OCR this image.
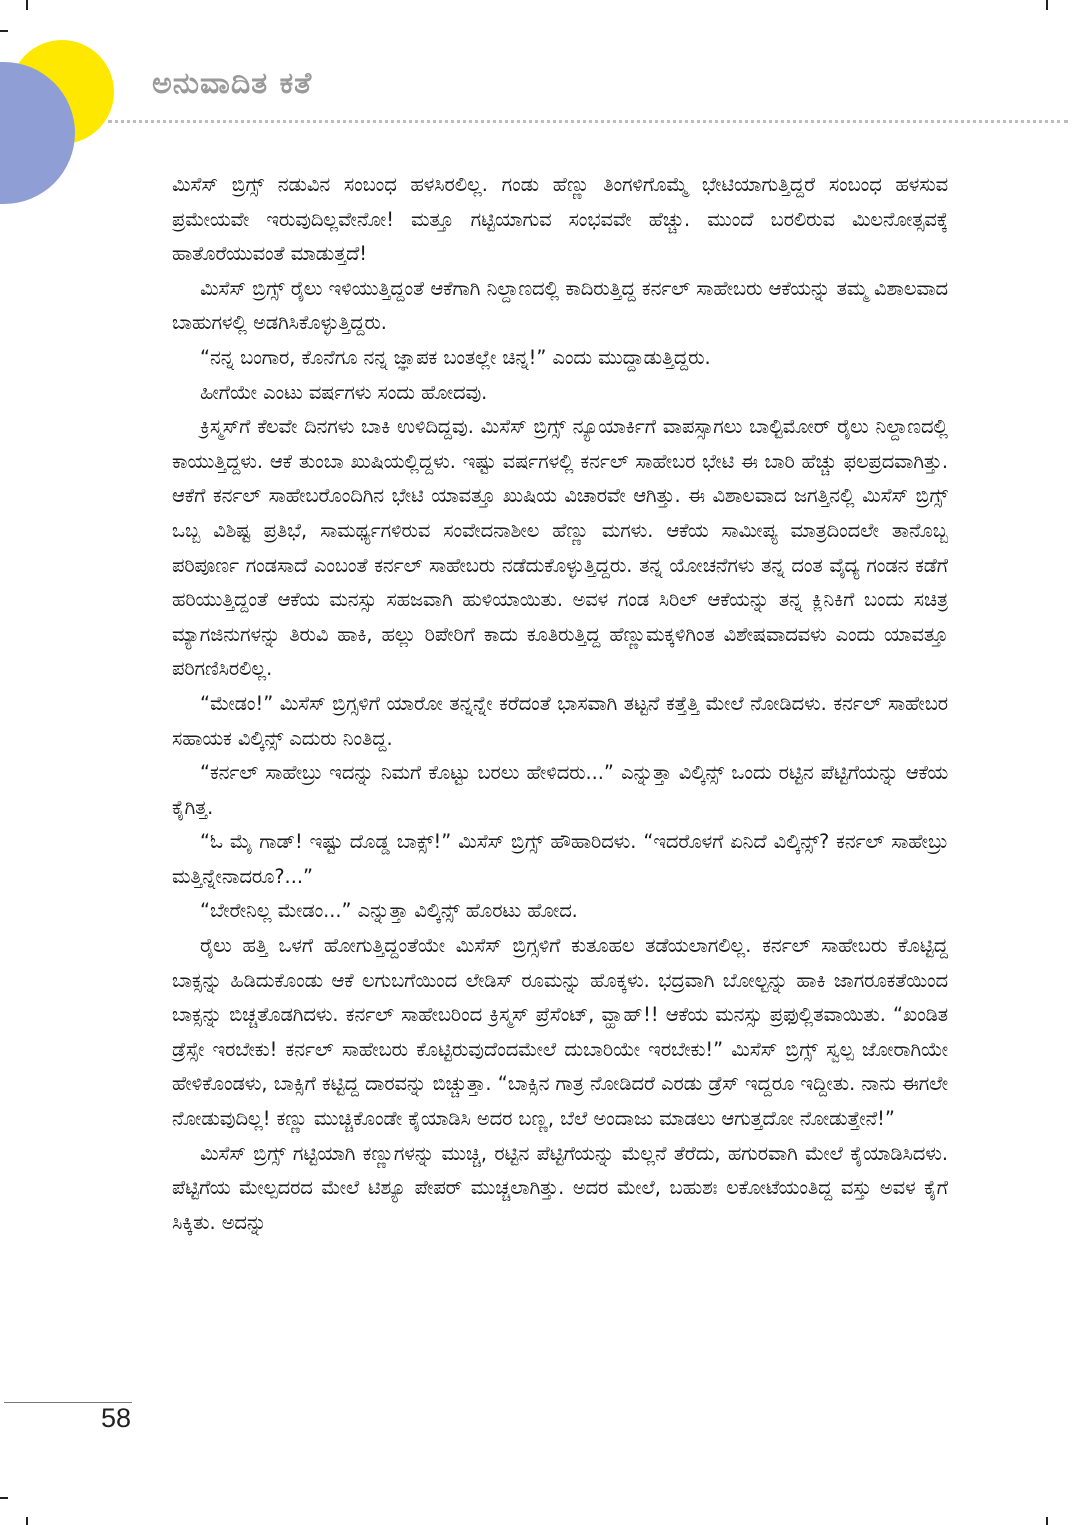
ಅನುವಾದಿತ ಕತೆ

ಮಿಸೆಸ್ ಬ್ರಿಗ್ಸ್ ನಡುವಿನ ಸಂಬಂಧ ಹಳಸಿರಲಿಲ್ಲ. ಗಂಡು ಹೆಣ್ಣು ತಿಂಗಳಿಗೊಮ್ಮೆ ಭೇಟಿಯಾಗುತ್ತಿದ್ದರೆ ಸಂಬಂಧ ಹಳಸುವ ಪ್ರಮೇಯವೇ ಇರುವುದಿಲ್ಲವೇನೋ! ಮತ್ತೂ ಗಟ್ಟಿಯಾಗುವ ಸಂಭವವೇ ಹೆಚ್ಚು. ಮುಂದೆ ಬರಲಿರುವ ಮಿಲನೋತ್ಸವಕ್ಕೆ ಹಾತೊರೆಯುವಂತೆ ಮಾಡುತ್ತದೆ!

ಮಿಸೆಸ್ ಬ್ರಿಗ್ಸ್ ರೈಲು ಇಳಿಯುತ್ತಿದ್ದಂತೆ ಆಕೆಗಾಗಿ ನಿಲ್ದಾಣದಲ್ಲಿ ಕಾದಿರುತ್ತಿದ್ದ ಕರ್ನಲ್ ಸಾಹೇಬರು ಆಕೆಯನ್ನು ತಮ್ಮ ವಿಶಾಲವಾದ ಬಾಹುಗಳಲ್ಲಿ ಅಡಗಿಸಿಕೊಳ್ಳುತ್ತಿದ್ದರು.

“ನನ್ನ ಬಂಗಾರ, ಕೊನೆಗೂ ನನ್ನ ಜ್ಞಾಪಕ ಬಂತಲ್ಲೇ ಚಿನ್ನ!” ಎಂದು ಮುದ್ದಾಡುತ್ತಿದ್ದರು.

ಹೀಗೆಯೇ ಎಂಟು ವರ್ಷಗಳು ಸಂದು ಹೋದವು.

ಕ್ರಿಸ್ಮಸ್‌ಗೆ ಕೆಲವೇ ದಿನಗಳು ಬಾಕಿ ಉಳಿದಿದ್ದವು. ಮಿಸೆಸ್ ಬ್ರಿಗ್ಸ್ ನ್ಯೂಯಾರ್ಕಿಗೆ ವಾಪಸ್ಸಾಗಲು ಬಾಲ್ಟಿಮೋರ್ ರೈಲು ನಿಲ್ದಾಣದಲ್ಲಿ ಕಾಯುತ್ತಿದ್ದಳು. ಆಕೆ ತುಂಬಾ ಖುಷಿಯಲ್ಲಿದ್ದಳು. ಇಷ್ಟು ವರ್ಷಗಳಲ್ಲಿ ಕರ್ನಲ್ ಸಾಹೇಬರ ಭೇಟಿ ಈ ಬಾರಿ ಹೆಚ್ಚು ಫಲಪ್ರದವಾಗಿತ್ತು. ಆಕೆಗೆ ಕರ್ನಲ್ ಸಾಹೇಬರೊಂದಿಗಿನ ಭೇಟಿ ಯಾವತ್ತೂ ಖುಷಿಯ ವಿಚಾರವೇ ಆಗಿತ್ತು. ಈ ವಿಶಾಲವಾದ ಜಗತ್ತಿನಲ್ಲಿ ಮಿಸೆಸ್ ಬ್ರಿಗ್ಸ್ ಒಬ್ಬ ವಿಶಿಷ್ಟ ಪ್ರತಿಭೆ, ಸಾಮರ್ಥ್ಯಗಳಿರುವ ಸಂವೇದನಾಶೀಲ ಹೆಣ್ಣು ಮಗಳು. ಆಕೆಯ ಸಾಮೀಪ್ಯ ಮಾತ್ರದಿಂದಲೇ ತಾನೊಬ್ಬ ಪರಿಪೂರ್ಣ ಗಂಡಸಾದೆ ಎಂಬಂತೆ ಕರ್ನಲ್ ಸಾಹೇಬರು ನಡೆದುಕೊಳ್ಳುತ್ತಿದ್ದರು. ತನ್ನ ಯೋಚನೆಗಳು ತನ್ನ ದಂತ ವೈದ್ಯ ಗಂಡನ ಕಡೆಗೆ ಹರಿಯುತ್ತಿದ್ದಂತೆ ಆಕೆಯ ಮನಸ್ಸು ಸಹಜವಾಗಿ ಹುಳಿಯಾಯಿತು. ಅವಳ ಗಂಡ ಸಿರಿಲ್ ಆಕೆಯನ್ನು ತನ್ನ ಕ್ಲಿನಿಕಿಗೆ ಬಂದು ಸಚಿತ್ರ ಮ್ಯಾಗಜಿನುಗಳನ್ನು ತಿರುವಿ ಹಾಕಿ, ಹಲ್ಲು ರಿಪೇರಿಗೆ ಕಾದು ಕೂತಿರುತ್ತಿದ್ದ ಹೆಣ್ಣುಮಕ್ಕಳಿಗಿಂತ ವಿಶೇಷವಾದವಳು ಎಂದು ಯಾವತ್ತೂ ಪರಿಗಣಿಸಿರಲಿಲ್ಲ.

“ಮೇಡಂ!” ಮಿಸೆಸ್ ಬ್ರಿಗ್ಸಳಿಗೆ ಯಾರೋ ತನ್ನನ್ನೇ ಕರೆದಂತೆ ಭಾಸವಾಗಿ ತಟ್ಟನೆ ಕತ್ತೆತ್ತಿ ಮೇಲೆ ನೋಡಿದಳು. ಕರ್ನಲ್ ಸಾಹೇಬರ ಸಹಾಯಕ ವಿಲ್ಕಿನ್ಸ್ ಎದುರು ನಿಂತಿದ್ದ.

“ಕರ್ನಲ್ ಸಾಹೇಬ್ರು ಇದನ್ನು ನಿಮಗೆ ಕೊಟ್ಟು ಬರಲು ಹೇಳಿದರು...” ಎನ್ನುತ್ತಾ ವಿಲ್ಕಿನ್ಸ್ ಒಂದು ರಟ್ಟಿನ ಪೆಟ್ಟಿಗೆಯನ್ನು ಆಕೆಯ ಕೈಗಿತ್ತ.

“ಓ ಮೈ ಗಾಡ್! ಇಷ್ಟು ದೊಡ್ಡ ಬಾಕ್ಸ್!” ಮಿಸೆಸ್ ಬ್ರಿಗ್ಸ್ ಹೌಹಾರಿದಳು. “ಇದರೊಳಗೆ ಏನಿದೆ ವಿಲ್ಕಿನ್ಸ್? ಕರ್ನಲ್ ಸಾಹೇಬ್ರು ಮತ್ತಿನ್ನೇನಾದರೂ?...”

“ಬೇರೇನಿಲ್ಲ ಮೇಡಂ...” ಎನ್ನುತ್ತಾ ವಿಲ್ಕಿನ್ಸ್ ಹೊರಟು ಹೋದ.

ರೈಲು ಹತ್ತಿ ಒಳಗೆ ಹೋಗುತ್ತಿದ್ದಂತೆಯೇ ಮಿಸೆಸ್ ಬ್ರಿಗ್ಸಳಿಗೆ ಕುತೂಹಲ ತಡೆಯಲಾಗಲಿಲ್ಲ. ಕರ್ನಲ್ ಸಾಹೇಬರು ಕೊಟ್ಟಿದ್ದ ಬಾಕ್ಸನ್ನು ಹಿಡಿದುಕೊಂಡು ಆಕೆ ಲಗುಬಗೆಯಿಂದ ಲೇಡಿಸ್ ರೂಮನ್ನು ಹೊಕ್ಕಳು. ಭದ್ರವಾಗಿ ಬೋಲ್ಟನ್ನು ಹಾಕಿ ಜಾಗರೂಕತೆಯಿಂದ ಬಾಕ್ಸನ್ನು ಬಿಚ್ಚತೊಡಗಿದಳು. ಕರ್ನಲ್ ಸಾಹೇಬರಿಂದ ಕ್ರಿಸ್ಮಸ್ ಪ್ರೆಸೆಂಟ್, ವ್ಹಾಹ್!! ಆಕೆಯ ಮನಸ್ಸು ಪ್ರಫುಲ್ಲಿತವಾಯಿತು. “ಖಂಡಿತ ಡ್ರೆಸ್ಸೇ ಇರಬೇಕು! ಕರ್ನಲ್ ಸಾಹೇಬರು ಕೊಟ್ಟಿರುವುದೆಂದಮೇಲೆ ದುಬಾರಿಯೇ ಇರಬೇಕು!” ಮಿಸೆಸ್ ಬ್ರಿಗ್ಸ್ ಸ್ವಲ್ಪ ಜೋರಾಗಿಯೇ ಹೇಳಿಕೊಂಡಳು, ಬಾಕ್ಸಿಗೆ ಕಟ್ಟಿದ್ದ ದಾರವನ್ನು ಬಿಚ್ಚುತ್ತಾ. “ಬಾಕ್ಸಿನ ಗಾತ್ರ ನೋಡಿದರೆ ಎರಡು ಡ್ರೆಸ್ ಇದ್ದರೂ ಇದ್ದೀತು. ನಾನು ಈಗಲೇ ನೋಡುವುದಿಲ್ಲ! ಕಣ್ಣು ಮುಚ್ಚಿಕೊಂಡೇ ಕೈಯಾಡಿಸಿ ಅದರ ಬಣ್ಣ, ಬೆಲೆ ಅಂದಾಜು ಮಾಡಲು ಆಗುತ್ತದೋ ನೋಡುತ್ತೇನೆ!”

ಮಿಸೆಸ್ ಬ್ರಿಗ್ಸ್ ಗಟ್ಟಿಯಾಗಿ ಕಣ್ಣುಗಳನ್ನು ಮುಚ್ಚಿ, ರಟ್ಟಿನ ಪೆಟ್ಟಿಗೆಯನ್ನು ಮೆಲ್ಲನೆ ತೆರೆದು, ಹಗುರವಾಗಿ ಮೇಲೆ ಕೈಯಾಡಿಸಿದಳು. ಪೆಟ್ಟಿಗೆಯ ಮೇಲ್ಪದರದ ಮೇಲೆ ಟಿಶ್ಯೂ ಪೇಪರ್ ಮುಚ್ಚಲಾಗಿತ್ತು. ಅದರ ಮೇಲೆ, ಬಹುಶಃ ಲಕೋಟೆಯಂತಿದ್ದ ವಸ್ತು ಅವಳ ಕೈಗೆ ಸಿಕ್ಕಿತು. ಅದನ್ನು

58
